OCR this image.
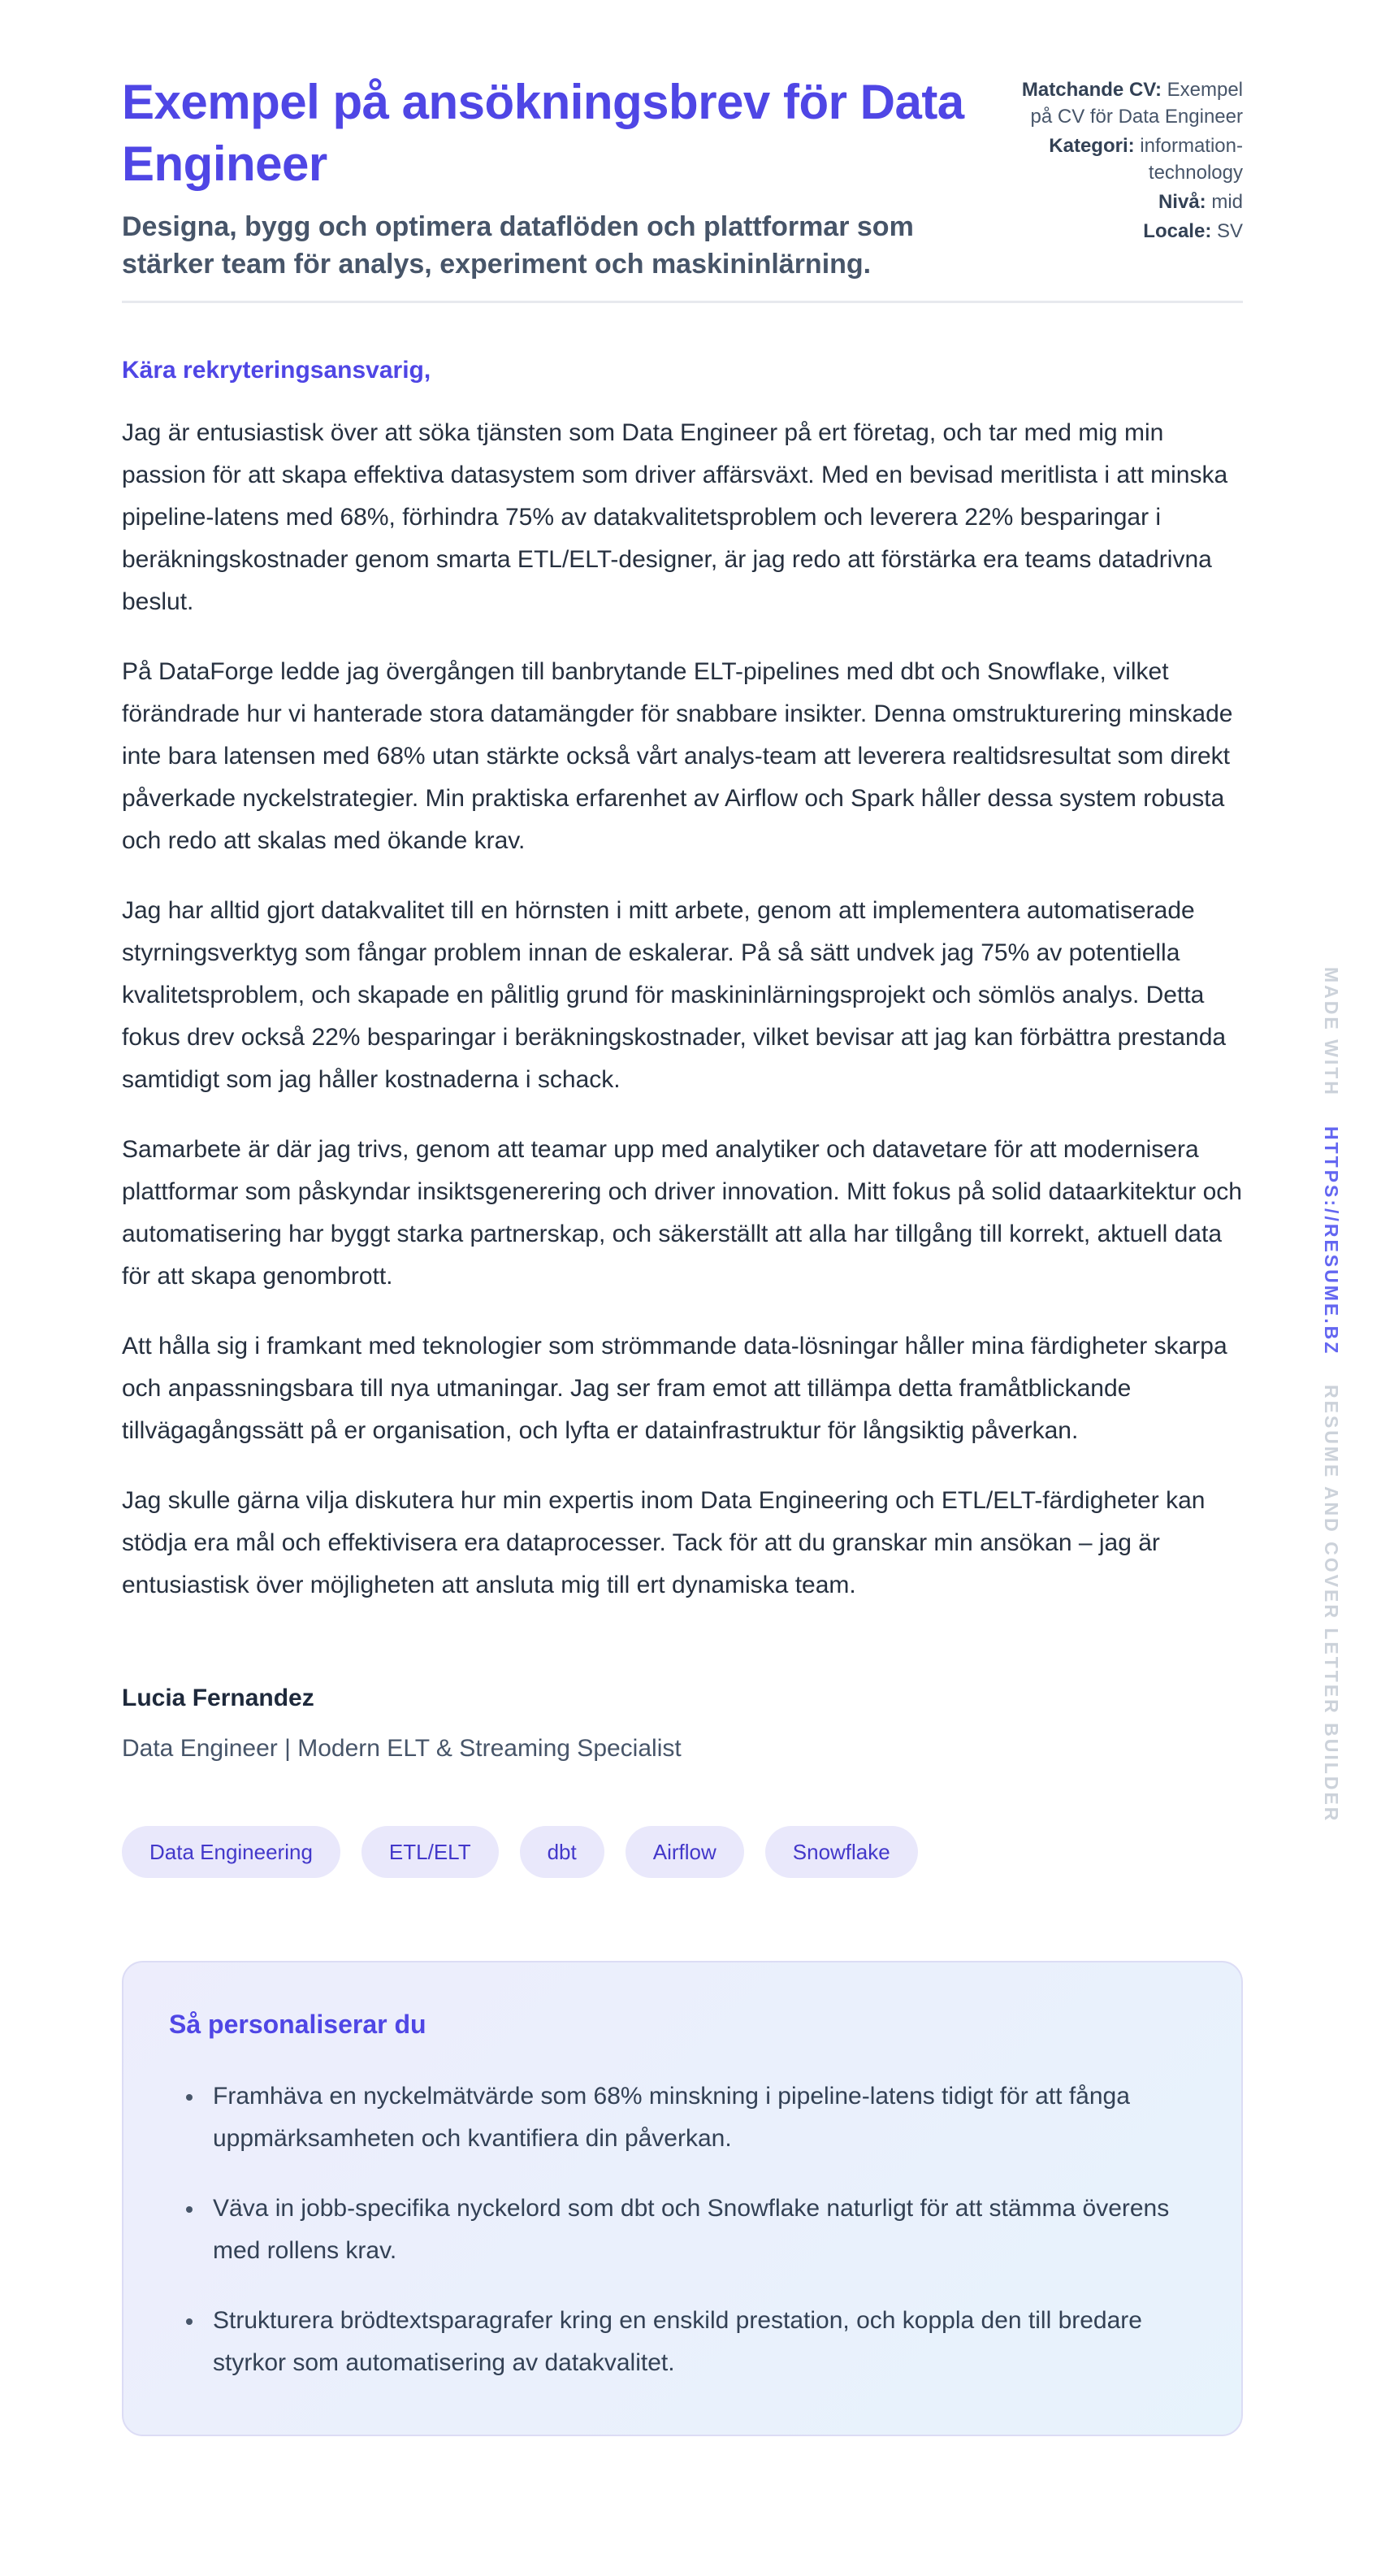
Exempel på ansökningsbrev för Data Engineer

Designa, bygg och optimera dataflöden och plattformar som stärker team för analys, experiment och maskininlärning.

Matchande CV: Exempel på CV för Data Engineer
Kategori: information-technology
Nivå: mid
Locale: SV

Kära rekryteringsansvarig,

Jag är entusiastisk över att söka tjänsten som Data Engineer på ert företag, och tar med mig min passion för att skapa effektiva datasystem som driver affärsväxt. Med en bevisad meritlista i att minska pipeline-latens med 68%, förhindra 75% av datakvalitetsproblem och leverera 22% besparingar i beräkningskostnader genom smarta ETL/ELT-designer, är jag redo att förstärka era teams datadrivna beslut.

På DataForge ledde jag övergången till banbrytande ELT-pipelines med dbt och Snowflake, vilket förändrade hur vi hanterade stora datamängder för snabbare insikter. Denna omstrukturering minskade inte bara latensen med 68% utan stärkte också vårt analys-team att leverera realtidsresultat som direkt påverkade nyckelstrategier. Min praktiska erfarenhet av Airflow och Spark håller dessa system robusta och redo att skalas med ökande krav.

Jag har alltid gjort datakvalitet till en hörnsten i mitt arbete, genom att implementera automatiserade styrningsverktyg som fångar problem innan de eskalerar. På så sätt undvek jag 75% av potentiella kvalitetsproblem, och skapade en pålitlig grund för maskininlärningsprojekt och sömlös analys. Detta fokus drev också 22% besparingar i beräkningskostnader, vilket bevisar att jag kan förbättra prestanda samtidigt som jag håller kostnaderna i schack.

Samarbete är där jag trivs, genom att teamar upp med analytiker och datavetare för att modernisera plattformar som påskyndar insiktsgenerering och driver innovation. Mitt fokus på solid dataarkitektur och automatisering har byggt starka partnerskap, och säkerställt att alla har tillgång till korrekt, aktuell data för att skapa genombrott.

Att hålla sig i framkant med teknologier som strömmande data-lösningar håller mina färdigheter skarpa och anpassningsbara till nya utmaningar. Jag ser fram emot att tillämpa detta framåtblickande tillvägagångssätt på er organisation, och lyfta er datainfrastruktur för långsiktig påverkan.

Jag skulle gärna vilja diskutera hur min expertis inom Data Engineering och ETL/ELT-färdigheter kan stödja era mål och effektivisera era dataprocesser. Tack för att du granskar min ansökan – jag är entusiastisk över möjligheten att ansluta mig till ert dynamiska team.

Lucia Fernandez

Data Engineer | Modern ELT & Streaming Specialist

Data Engineering	ETL/ELT	dbt	Airflow	Snowflake
Så personaliserar du
• Framhäva en nyckelmätvärde som 68% minskning i pipeline-latens tidigt för att fånga uppmärksamheten och kvantifiera din påverkan.
• Väva in jobb-specifika nyckelord som dbt och Snowflake naturligt för att stämma överens med rollens krav.
• Strukturera brödtextsparagrafer kring en enskild prestation, och koppla den till bredare styrkor som automatisering av datakvalitet.
MADE WITH
HTTPS://RESUME.BZ
RESUME AND COVER LETTER BUILDER
